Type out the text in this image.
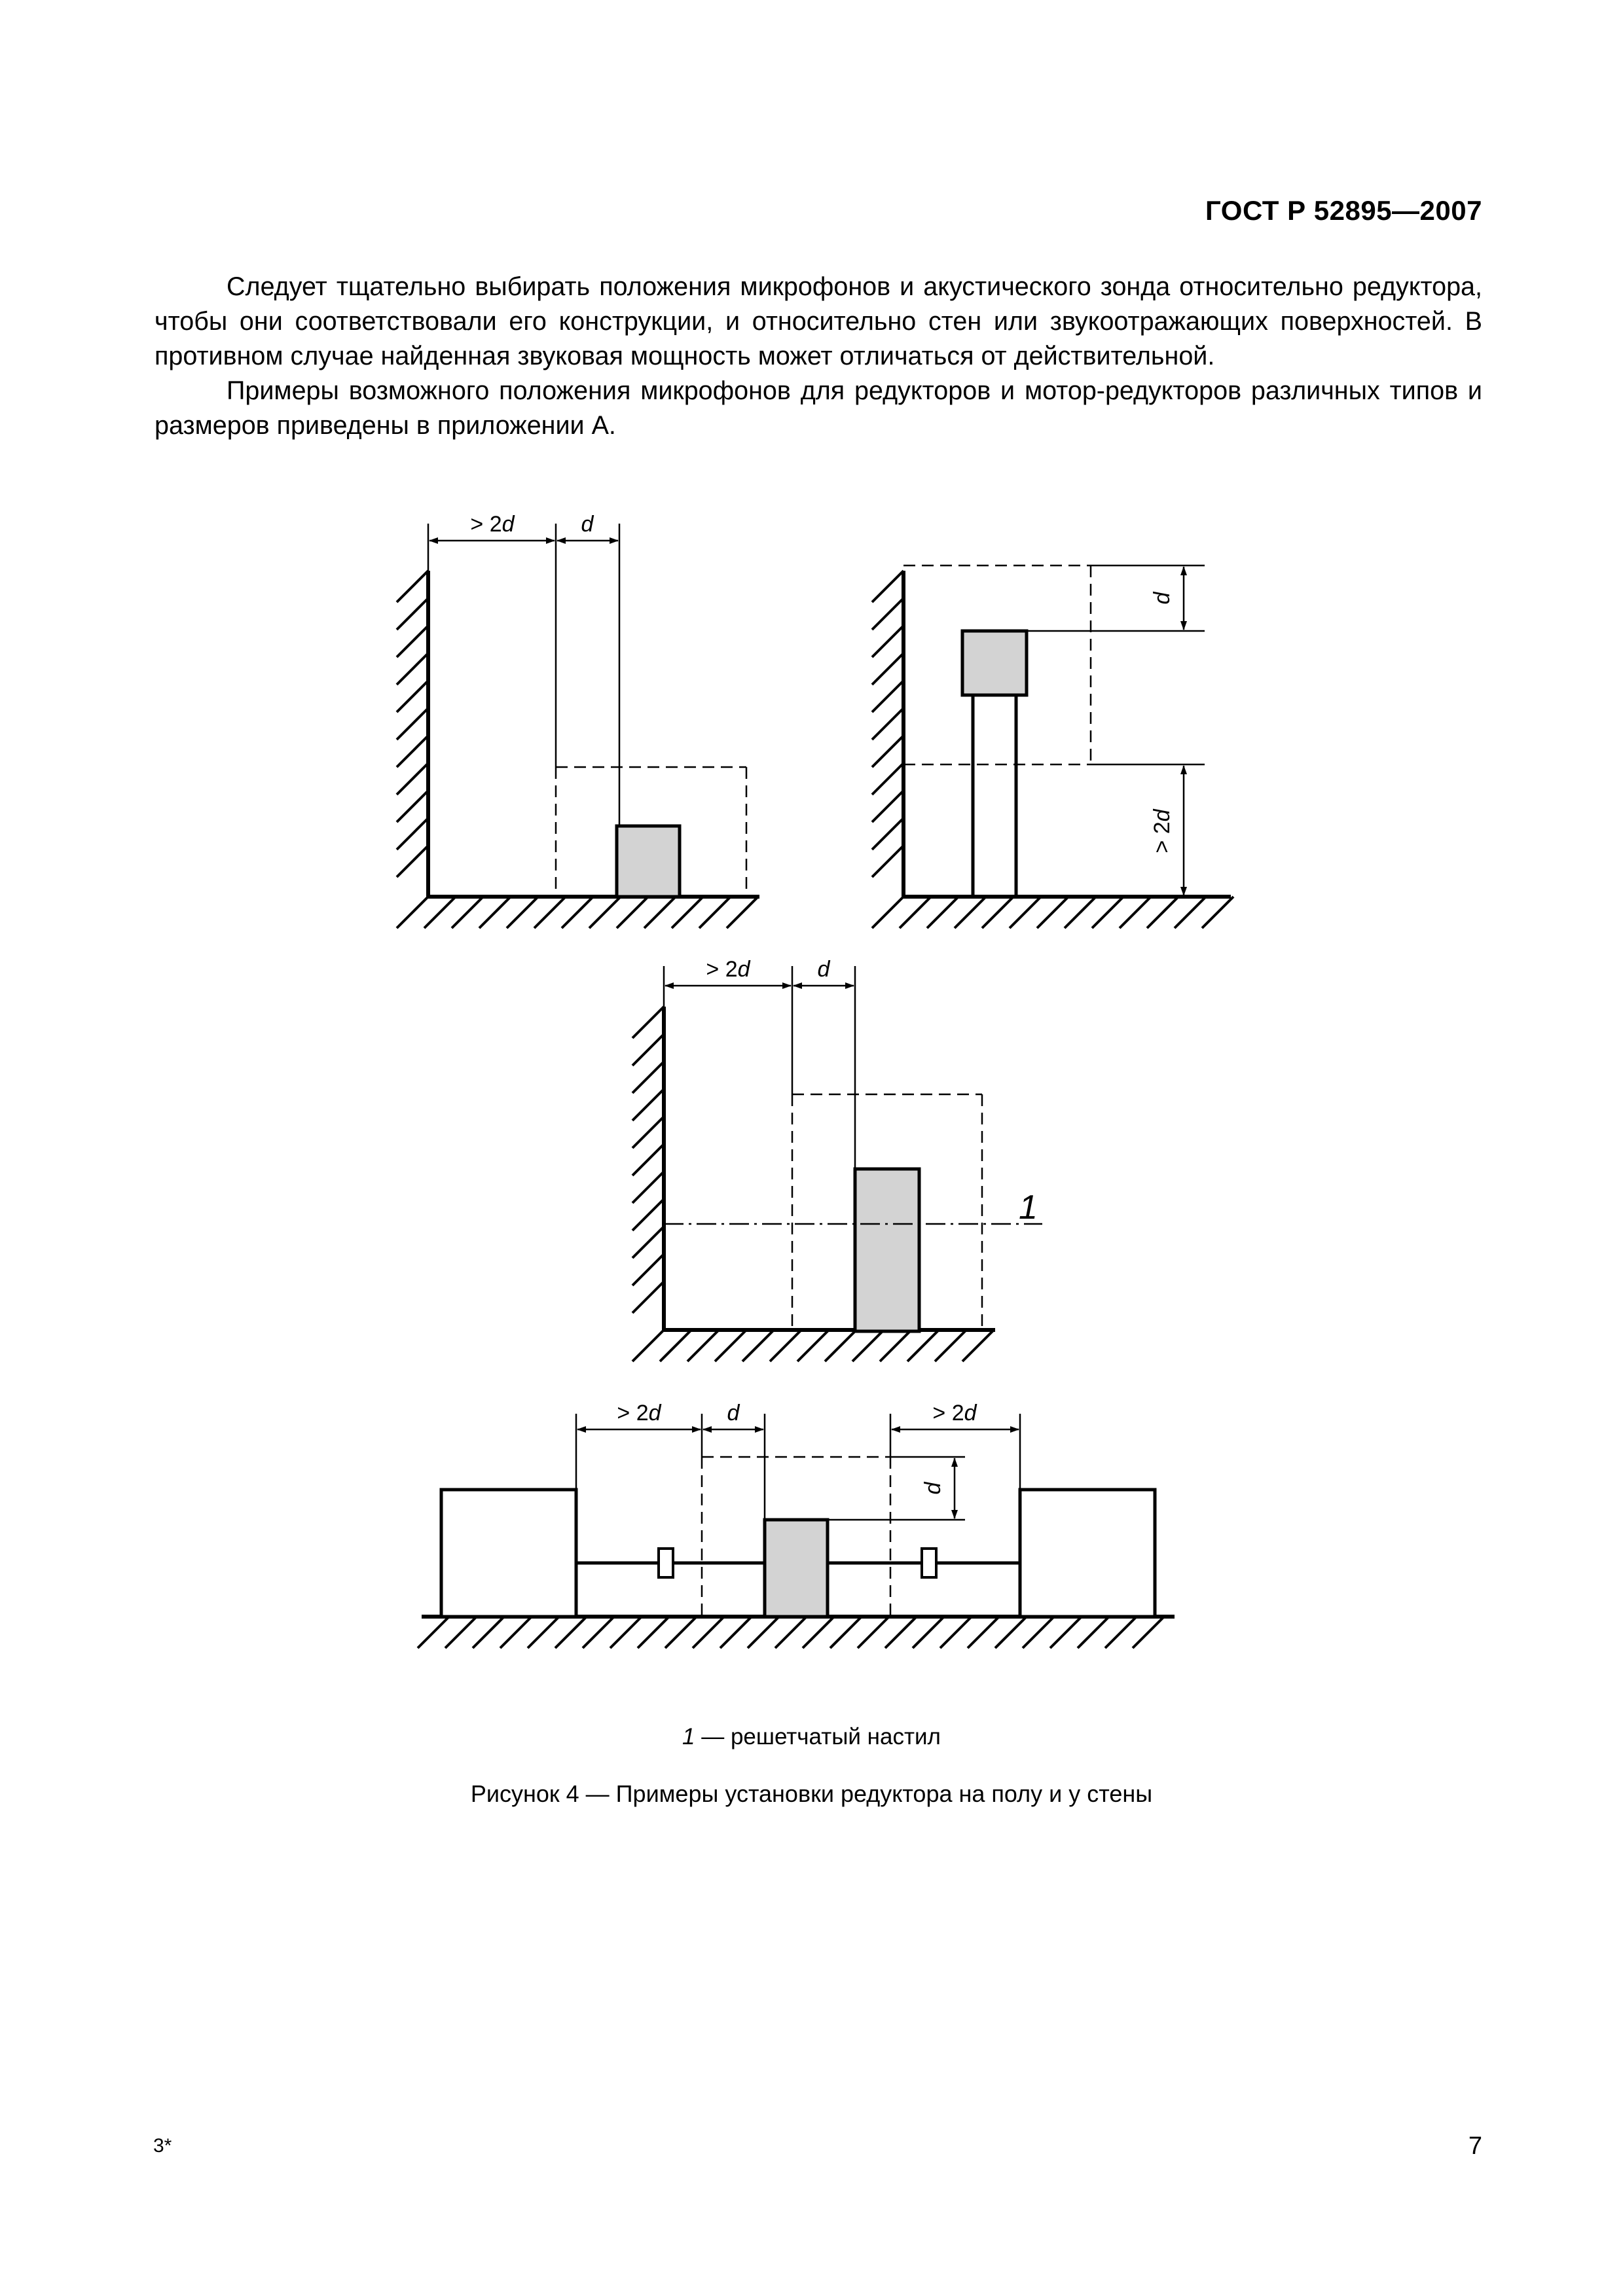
ГОСТ Р 52895—2007

Следует тщательно выбирать положения микрофонов и акустического зонда относительно редуктора, чтобы они соответствовали его конструкции, и относительно стен или звукоотражающих поверхностей. В противном случае найденная звуковая мощность может отличаться от действительной.

Примеры возможного положения микрофонов для редукторов и мотор-редукторов различных типов и размеров приведены в приложении А.

> 2d	d
d
> 2d
1
> 2d	d
> 2d	d	> 2d
d
1 — решетчатый настил
Рисунок 4 — Примеры установки редуктора на полу и у стены
3*	7
